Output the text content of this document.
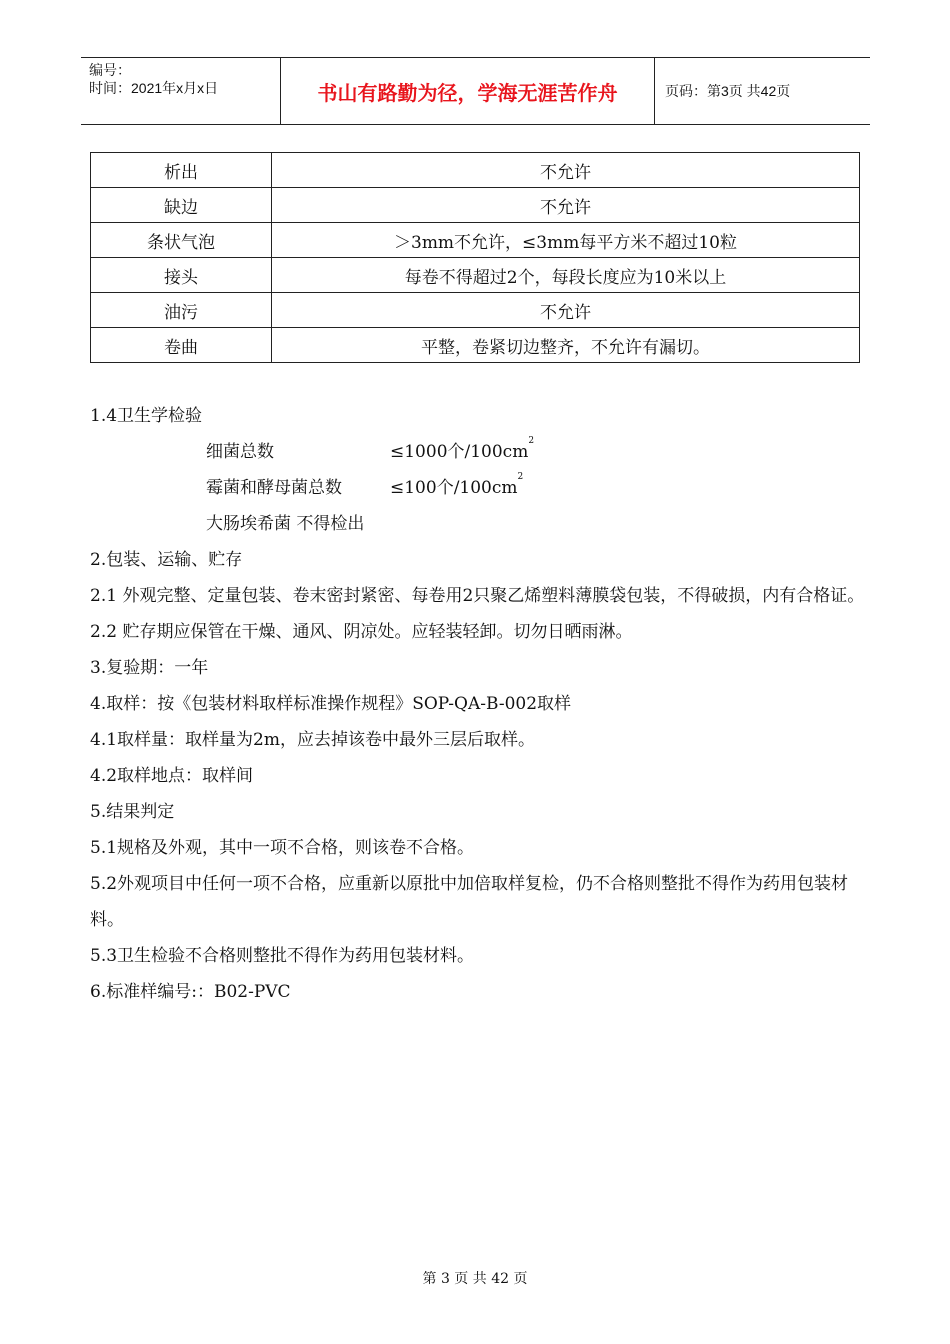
编号：
时间：2021年x月x日	书山有路勤为径，学海无涯苦作舟	页码：第3页 共42页
析出	不允许
缺边	不允许
条状气泡	＞3mm不允许，≤3mm每平方米不超过10粒
接头	每卷不得超过2个，每段长度应为10米以上
油污	不允许
卷曲	平整，卷紧切边整齐，不允许有漏切。

1.4卫生学检验

细菌总数	≤1000个$/100cm^2$

霉菌和酵母菌总数	≤100个$/100cm^2$

大肠埃希菌 不得检出

2.包装、运输、贮存

2.1 外观完整、定量包装、卷末密封紧密、每卷用2只聚乙烯塑料薄膜袋包装，不得破损，内有合格证。

2.2 贮存期应保管在干燥、通风、阴凉处。应轻装轻卸。切勿日晒雨淋。

3.复验期：一年

4.取样：按《包装材料取样标准操作规程》SOP-QA-B-002取样

4.1取样量：取样量为2m，应去掉该卷中最外三层后取样。

4.2取样地点：取样间

5.结果判定

5.1规格及外观，其中一项不合格，则该卷不合格。

5.2外观项目中任何一项不合格，应重新以原批中加倍取样复检，仍不合格则整批不得作为药用包装材料。

5.3卫生检验不合格则整批不得作为药用包装材料。

6.标准样编号:：B02-PVC

第 3 页 共 42 页
